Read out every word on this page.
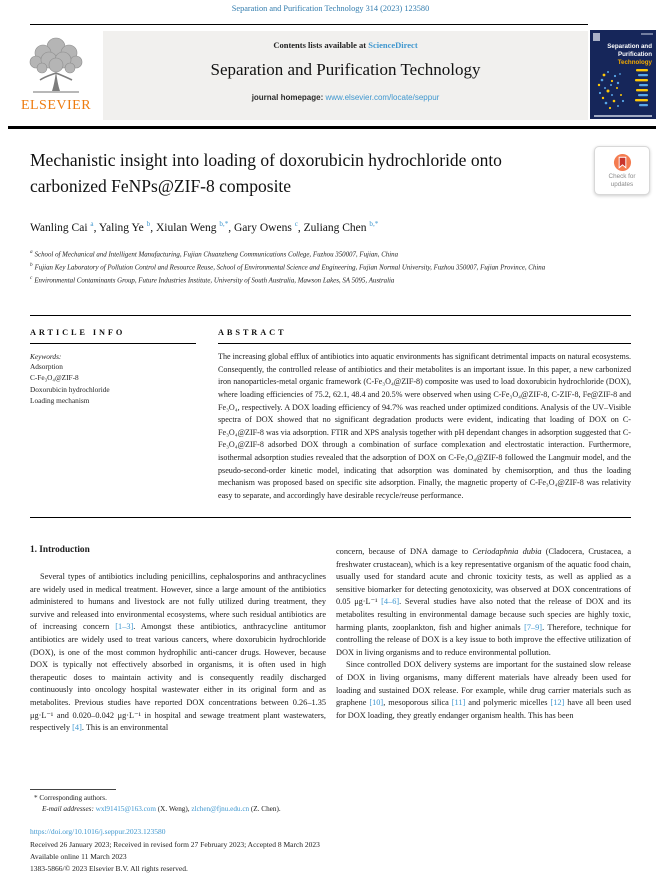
Separation and Purification Technology 314 (2023) 123580
ELSEVIER
Contents lists available at ScienceDirect
Separation and Purification Technology
journal homepage: www.elsevier.com/locate/seppur
Separation and
Purification
Technology
Check for
updates
Mechanistic insight into loading of doxorubicin hydrochloride onto carbonized FeNPs@ZIF-8 composite
Wanling Cai $^a$, Yaling Ye $^b$, Xiulan Weng $^{b,*}$, Gary Owens $^c$, Zuliang Chen $^{b,*}$
$^a$ School of Mechanical and Intelligent Manufacturing, Fujian Chuanzheng Communications College, Fuzhou 350007, Fujian, China
$^b$ Fujian Key Laboratory of Pollution Control and Resource Reuse, School of Environmental Science and Engineering, Fujian Normal University, Fuzhou 350007, Fujian Province, China
$^c$ Environmental Contaminants Group, Future Industries Institute, University of South Australia, Mawson Lakes, SA 5095, Australia
ARTICLE INFO
Keywords:
Adsorption
C-Fe₃O₄@ZIF-8
Doxorubicin hydrochloride
Loading mechanism
ABSTRACT

The increasing global efflux of antibiotics into aquatic environments has significant detrimental impacts on natural ecosystems. Consequently, the controlled release of antibiotics and their metabolites is an important issue. In this paper, a new carbonized iron nanoparticles-metal organic framework (C-Fe₃O₄@ZIF-8) composite was used to load doxorubicin hydrochloride (DOX), where loading efficiencies of 75.2, 62.1, 48.4 and 20.5% were observed when using C-Fe₃O₄@ZIF-8, C-ZIF-8, Fe@ZIF-8 and Fe₃O₄, respectively. A DOX loading efficiency of 94.7% was reached under optimized conditions. Analysis of the UV–Visible spectra of DOX showed that no significant degradation products were evident, indicating that loading of DOX on C-Fe₃O₄@ZIF-8 was via adsorption. FTIR and XPS analysis together with pH dependant changes in adsorption suggested that C-Fe₃O₄@ZIF-8 adsorbed DOX through a combination of surface complexation and electrostatic interaction. Furthermore, isothermal adsorption studies revealed that the adsorption of DOX on C-Fe₃O₄@ZIF-8 followed the Langmuir model, and the pseudo-second-order kinetic model, indicating that adsorption was dominated by chemisorption, and thus the loading mechanism was proposed based on specific site adsorption. Finally, the magnetic property of C-Fe₃O₄@ZIF-8 was relativity easy to separate, and accordingly have desirable recycle/reuse performance.

1. Introduction

Several types of antibiotics including penicillins, cephalosporins and anthracyclines are widely used in medical treatment. However, since a large amount of the antibiotics administered to humans and livestock are not fully utilized during treatment, they survive and released into environmental ecosystems, where such residual antibiotics are of increasing concern [1–3]. Amongst these antibiotics, anthracycline antitumor antibiotics are widely used to treat various cancers, where doxorubicin hydrochloride (DOX), is one of the most common hydrophilic anti-cancer drugs. However, because DOX is typically not effectively absorbed in organisms, it is often used in high therapeutic doses to maintain activity and is consequently readily discharged continuously into oncology hospital wastewater either in its original form and as metabolites. Previous studies have reported DOX concentrations between 0.26–1.35 μg·L⁻¹ and 0.020–0.042 μg·L⁻¹ in hospital and sewage treatment plant wastewaters, respectively [4]. This is an environmental

concern, because of DNA damage to Ceriodaphnia dubia (Cladocera, Crustacea, a freshwater crustacean), which is a key representative organism of the aquatic food chain, usually used for standard acute and chronic toxicity tests, as well as applied as a sensitive biomarker for detecting genotoxicity, was observed at DOX concentrations of 0.05 μg·L⁻¹ [4–6]. Several studies have also noted that the release of DOX and its metabolites resulting in environmental damage because such species are highly toxic, harming plants, zooplankton, fish and higher animals [7–9]. Therefore, technique for controlling the release of DOX is a key issue to both improve the effective utilization of DOX in living organisms and to reduce environmental pollution.

Since controlled DOX delivery systems are important for the sustained slow release of DOX in living organisms, many different materials have already been used for loading and sustained DOX release. For example, while drug carrier materials such as graphene [10], mesoporous silica [11] and polymeric micelles [12] have all been used for DOX loading, they greatly endanger organism health. This has been

* Corresponding authors.
E-mail addresses: wxl91415@163.com (X. Weng), zlchen@fjnu.edu.cn (Z. Chen).
https://doi.org/10.1016/j.seppur.2023.123580
Received 26 January 2023; Received in revised form 27 February 2023; Accepted 8 March 2023
Available online 11 March 2023
1383-5866/© 2023 Elsevier B.V. All rights reserved.
